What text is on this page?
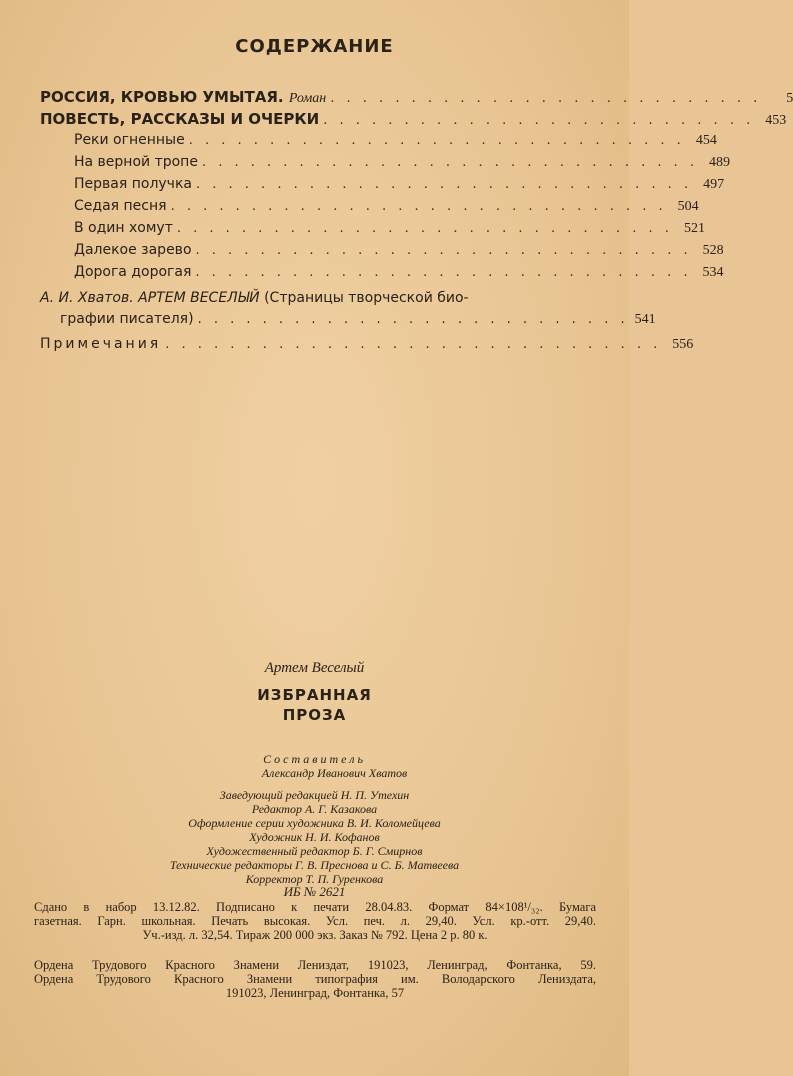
СОДЕРЖАНИЕ
РОССИЯ, КРОВЬЮ УМЫТАЯ. Роман . . . . . . . . . . . . . . . . . . . . . . . . . . .	5
ПОВЕСТЬ, РАССКАЗЫ И ОЧЕРКИ . . . . . . . . . . . . . . . . . . . . . . . . . . . 453
Реки огненные . . . . . . . . . . . . . . . . . . . . . . . . . . . . . . . 454
На верной тропе . . . . . . . . . . . . . . . . . . . . . . . . . . . . . . . 489
Первая получка . . . . . . . . . . . . . . . . . . . . . . . . . . . . . . . 497
Седая песня . . . . . . . . . . . . . . . . . . . . . . . . . . . . . . . 504
В один хомут . . . . . . . . . . . . . . . . . . . . . . . . . . . . . . . 521
Далекое зарево . . . . . . . . . . . . . . . . . . . . . . . . . . . . . . . 528
Дорога дорогая . . . . . . . . . . . . . . . . . . . . . . . . . . . . . . . 534
А. И. Хватов. АРТЕМ ВЕСЕЛЫЙ (Страницы творческой био-
графии писателя) . . . . . . . . . . . . . . . . . . . . . . . . . . . 541
Примечания . . . . . . . . . . . . . . . . . . . . . . . . . . . . . . . 556
Артем Веселый
ИЗБРАННАЯ
ПРОЗА
Составитель
Александр Иванович Хватов
Заведующий редакцией Н. П. Утехин
Редактор А. Г. Казакова
Оформление серии художника В. И. Коломейцева
Художник Н. И. Кофанов
Художественный редактор Б. Г. Смирнов
Технические редакторы Г. В. Преснова и С. Б. Матвеева
Корректор Т. П. Гуренкова
ИБ № 2621

Сдано в набор 13.12.82. Подписано к печати 28.04.83. Формат 84×108¹/₃₂. Бумага

газетная. Гарн. школьная. Печать высокая. Усл. печ. л. 29,40. Усл. кр.-отт. 29,40.

Уч.-изд. л. 32,54. Тираж 200 000 экз. Заказ № 792. Цена 2 р. 80 к.

Ордена Трудового Красного Знамени Лениздат, 191023, Ленинград, Фонтанка, 59.

Ордена Трудового Красного Знамени типография им. Володарского Лениздата,

191023, Ленинград, Фонтанка, 57
